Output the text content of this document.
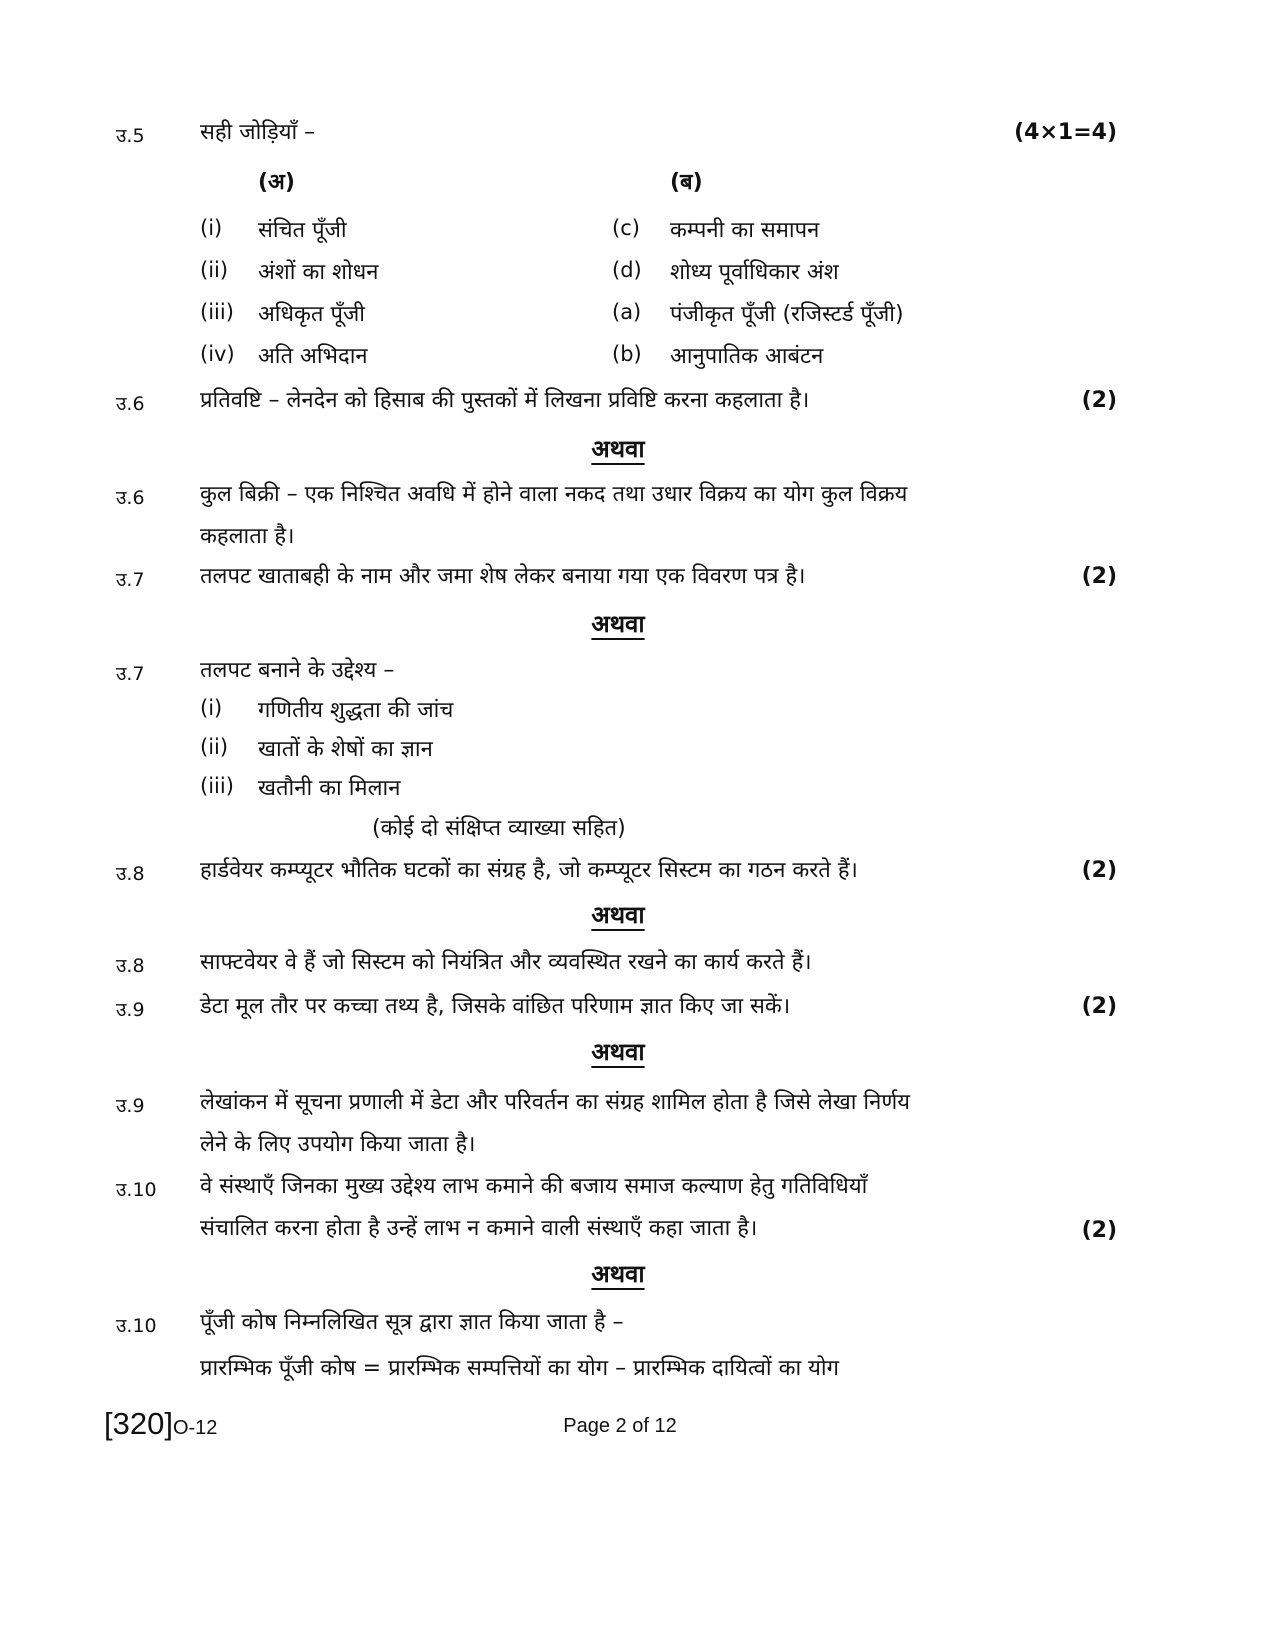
उ.5	सही जोड़ियाँ –	(4×1=4)
(अ)	(ब)
(i) संचित पूँजी	(c) कम्पनी का समापन
(ii) अंशों का शोधन	(d) शोध्य पूर्वाधिकार अंश
(iii) अधिकृत पूँजी	(a) पंजीकृत पूँजी (रजिस्टर्ड पूँजी)
(iv) अति अभिदान	(b) आनुपातिक आबंटन
उ.6	प्रतिवष्टि – लेनदेन को हिसाब की पुस्तकों में लिखना प्रविष्टि करना कहलाता है।	(2)
अथवा
उ.6	कुल बिक्री – एक निश्चित अवधि में होने वाला नकद तथा उधार विक्रय का योग कुल विक्रय
कहलाता है।
उ.7	तलपट खाताबही के नाम और जमा शेष लेकर बनाया गया एक विवरण पत्र है।	(2)
अथवा
उ.7	तलपट बनाने के उद्देश्य –
(i) गणितीय शुद्धता की जांच
(ii) खातों के शेषों का ज्ञान
(iii) खतौनी का मिलान
(कोई दो संक्षिप्त व्याख्या सहित)
उ.8	हार्डवेयर कम्प्यूटर भौतिक घटकों का संग्रह है, जो कम्प्यूटर सिस्टम का गठन करते हैं।	(2)
अथवा
उ.8	साफ्टवेयर वे हैं जो सिस्टम को नियंत्रित और व्यवस्थित रखने का कार्य करते हैं।
उ.9	डेटा मूल तौर पर कच्चा तथ्य है, जिसके वांछित परिणाम ज्ञात किए जा सकें।	(2)
अथवा
उ.9	लेखांकन में सूचना प्रणाली में डेटा और परिवर्तन का संग्रह शामिल होता है जिसे लेखा निर्णय
लेने के लिए उपयोग किया जाता है।
उ.10 वे संस्थाएँ जिनका मुख्य उद्देश्य लाभ कमाने की बजाय समाज कल्याण हेतु गतिविधियाँ
संचालित करना होता है उन्हें लाभ न कमाने वाली संस्थाएँ कहा जाता है।	(2)
अथवा
उ.10 पूँजी कोष निम्नलिखित सूत्र द्वारा ज्ञात किया जाता है –
प्रारम्भिक पूँजी कोष = प्रारम्भिक सम्पत्तियों का योग – प्रारम्भिक दायित्वों का योग
[320]O-12	Page 2 of 12
